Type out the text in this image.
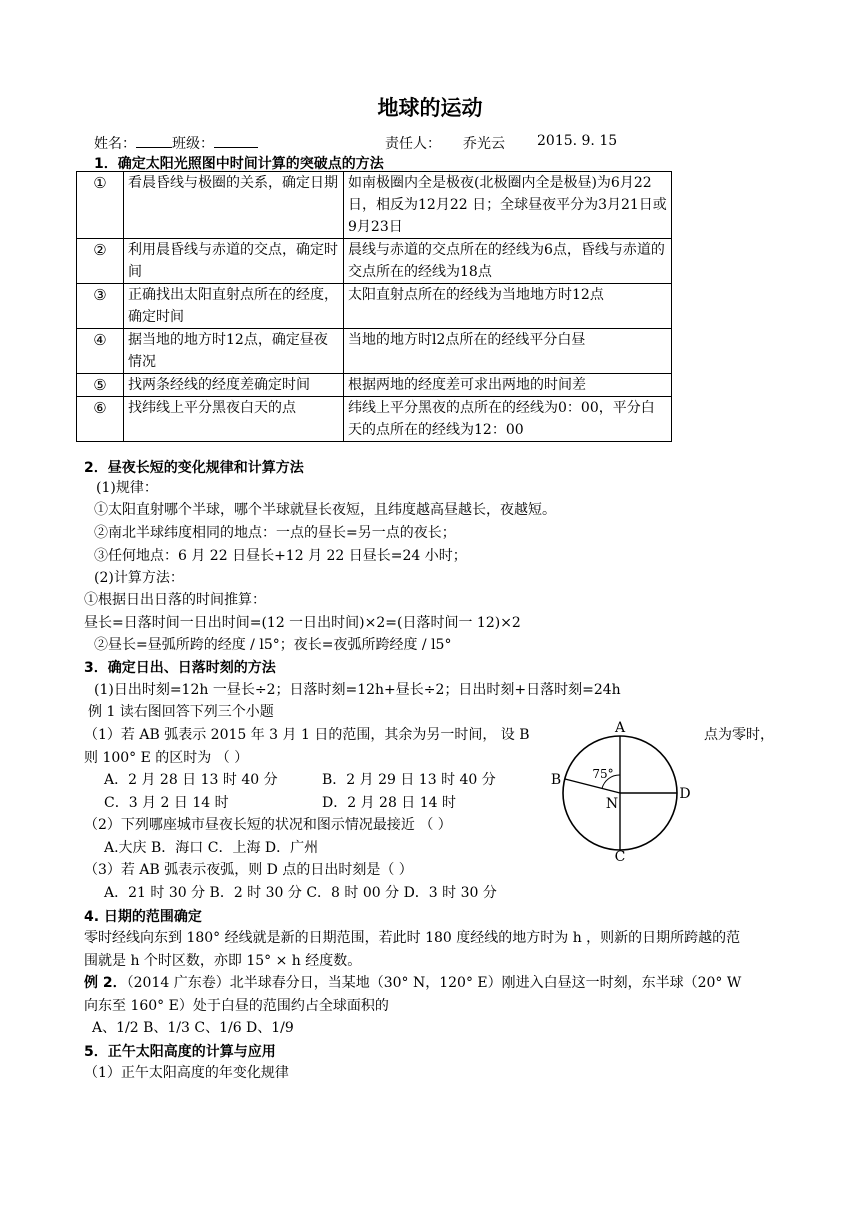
地球的运动
姓名：	班级：	责任人： 乔光云 2015. 9. 15
1．确定太阳光照图中时间计算的突破点的方法
①	看晨昏线与极圈的关系，确定日期	如南极圈内全是极夜(北极圈内全是极昼)为6月22日，相反为12月22 日；全球昼夜平分为3月21日或9月23日
②	利用晨昏线与赤道的交点，确定时间	晨线与赤道的交点所在的经线为6点，昏线与赤道的交点所在的经线为18点
③	正确找出太阳直射点所在的经度，确定时间	太阳直射点所在的经线为当地地方时12点
④	据当地的地方时12点，确定昼夜情况	当地的地方时l2点所在的经线平分白昼
⑤	找两条经线的经度差确定时间	根据两地的经度差可求出两地的时间差
⑥	找纬线上平分黑夜白天的点	纬线上平分黑夜的点所在的经线为0：00，平分白天的点所在的经线为12：00
2．昼夜长短的变化规律和计算方法
(1)规律：
①太阳直射哪个半球，哪个半球就昼长夜短，且纬度越高昼越长，夜越短。
②南北半球纬度相同的地点：一点的昼长=另一点的夜长；
③任何地点：6 月 22 日昼长+12 月 22 日昼长=24 小时；
(2)计算方法：
①根据日出日落的时间推算：
昼长=日落时间一日出时间=(12 一日出时间)×2=(日落时间一 12)×2
②昼长=昼弧所跨的经度 / l5°；夜长=夜弧所跨经度 / l5°
3．确定日出、日落时刻的方法
(1)日出时刻=12h 一昼长÷2；日落时刻=12h+昼长÷2；日出时刻+日落时刻=24h
例 1 读右图回答下列三个小题
（1）若 AB 弧表示 2015 年 3 月 1 日的范围，其余为另一时间， 设 B	点为零时，
则 100° E 的区时为 （ ）
A．2 月 28 日 13 时 40 分	B．2 月 29 日 13 时 40 分
C．3 月 2 日 14 时	D．2 月 28 日 14 时
（2）下列哪座城市昼夜长短的状况和图示情况最接近 （ ）
A.大庆 B．海口 C．上海 D．广州
（3）若 AB 弧表示夜弧，则 D 点的日出时刻是（ ）
A．21 时 30 分 B．2 时 30 分 C．8 时 00 分 D．3 时 30 分
A
B
C
D
N
75°
4. 日期的范围确定
零时经线向东到 180° 经线就是新的日期范围，若此时 180 度经线的地方时为 h ，则新的日期所跨越的范
围就是 h 个时区数，亦即 15° × h 经度数。
例 2．（2014 广东卷）北半球春分日，当某地（30° N，120° E）刚进入白昼这一时刻，东半球（20° W
向东至 160° E）处于白昼的范围约占全球面积的
A、1/2 B、1/3 C、1/6 D、1/9
5．正午太阳高度的计算与应用
（1）正午太阳高度的年变化规律
